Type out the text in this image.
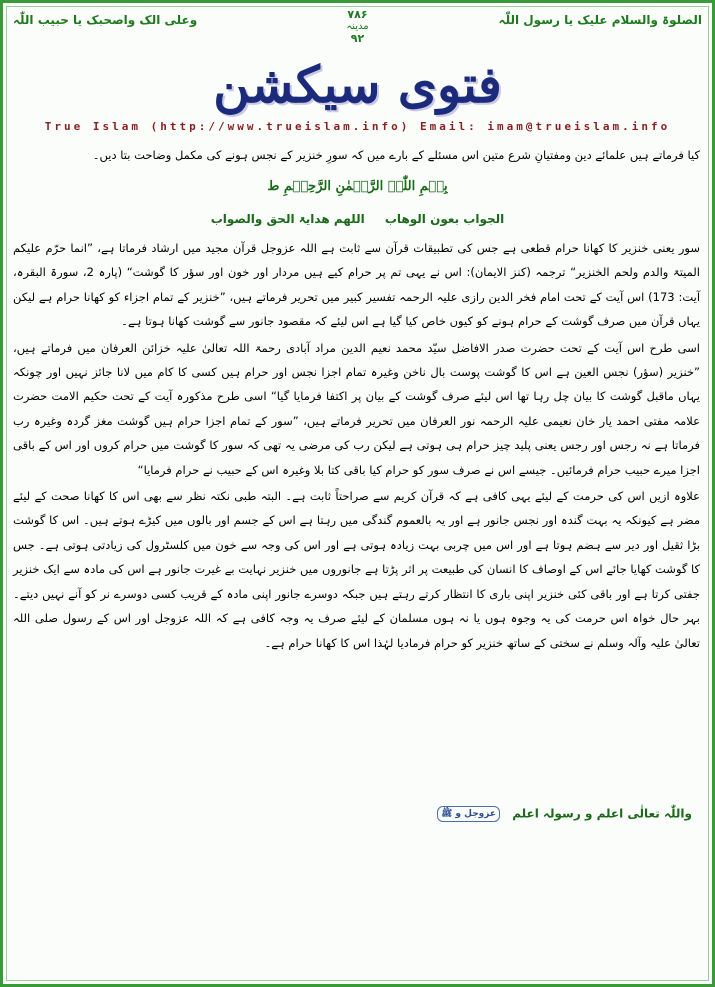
الصلوۃ والسلام علیک یا رسول اللّٰہ
۷۸۶
مدینہ
۹۲
وعلی الک واصحبک یا حبیب اللّٰہ
فتوی سیکشن
True Islam (http://www.trueislam.info) Email: imam@trueislam.info
کیا فرماتے ہیں علمائے دین ومفتیانِ شرع متین اس مسئلے کے بارے میں کہ سورِ خنزیر کے نجس ہونے کی مکمل وضاحت بتا دیں۔
بِسۡمِ اللّٰہِ الرَّحۡمٰنِ الرَّحِیۡمِ ط
الجواب بعون الوھاب اللھم ھدایۃ الحق والصواب

سور یعنی خنزیر کا کھانا حرام قطعی ہے جس کی تطبیقات قرآن سے ثابت ہے اللہ عزوجل قرآن مجید میں ارشاد فرماتا ہے، ”انما حرّم علیکم المیتۃ والدم ولحم الخنزیر“ ترجمہ (کنز الایمان): اس نے یہی تم پر حرام کیے ہیں مردار اور خون اور سؤر کا گوشت“ (پارہ 2، سورۃ البقرہ، آیت: 173) اس آیت کے تحت امام فخر الدین رازی علیہ الرحمہ تفسیر کبیر میں تحریر فرماتے ہیں، ”خنزیر کے تمام اجزاء کو کھانا حرام ہے لیکن یہاں قرآن میں صرف گوشت کے حرام ہونے کو کیوں خاص کیا گیا ہے اس لیئے کہ مقصود جانور سے گوشت کھانا ہوتا ہے۔

اسی طرح اس آیت کے تحت حضرت صدر الافاضل سیّد محمد نعیم الدین مراد آبادی رحمۃ اللہ تعالیٰ علیہ خزائن العرفان میں فرماتے ہیں، ”خنزیر (سؤر) نجس العین ہے اس کا گوشت پوست بال ناخن وغیرہ تمام اجزا نجس اور حرام ہیں کسی کا کام میں لانا جائز نہیں اور چونکہ یہاں ماقبل گوشت کا بیان چل رہا تھا اس لیئے صرف گوشت کے بیان پر اکتفا فرمایا گیا“ اسی طرح مذکورہ آیت کے تحت حکیم الامت حضرت علامہ مفتی احمد یار خان نعیمی علیہ الرحمہ نور العرفان میں تحریر فرماتے ہیں، ”سور کے تمام اجزا حرام ہیں گوشت مغز گردہ وغیرہ رب فرماتا ہے نہ رجس اور رجس یعنی پلید چیز حرام ہی ہوتی ہے لیکن رب کی مرضی یہ تھی کہ سور کا گوشت میں حرام کروں اور اس کے باقی اجزا میرے حبیب حرام فرمائیں۔ جیسے اس نے صرف سور کو حرام کیا باقی کتا بلا وغیرہ اس کے حبیب نے حرام فرمایا“

علاوہ ازیں اس کی حرمت کے لیئے یہی کافی ہے کہ قرآن کریم سے صراحتاً ثابت ہے۔ البتہ طبی نکتہ نظر سے بھی اس کا کھانا صحت کے لیئے مضر ہے کیونکہ یہ بہت گندہ اور نجس جانور ہے اور یہ بالعموم گندگی میں رہتا ہے اس کے جسم اور بالوں میں کیڑے ہوتے ہیں۔ اس کا گوشت بڑا ثقیل اور دیر سے ہضم ہوتا ہے اور اس میں چربی بہت زیادہ ہوتی ہے اور اس کی وجہ سے خون میں کلسٹرول کی زیادتی ہوتی ہے۔ جس کا گوشت کھایا جائے اس کے اوصاف کا انسان کی طبیعت پر اثر پڑتا ہے جانوروں میں خنزیر نہایت بے غیرت جانور ہے اس کی مادہ سے ایک خنزیر جفتی کرتا ہے اور باقی کئی خنزیر اپنی باری کا انتظار کرتے رہتے ہیں جبکہ دوسرے جانور اپنی مادہ کے قریب کسی دوسرے نر کو آنے نہیں دیتے۔ بہر حال خواہ اس حرمت کی یہ وجوہ ہوں یا نہ ہوں مسلمان کے لیئے صرف یہ وجہ کافی ہے کہ اللہ عزوجل اور اس کے رسول صلی اللہ تعالیٰ علیہ وآلہ وسلم نے سختی کے ساتھ خنزیر کو حرام فرمادیا لہٰذا اس کا کھانا حرام ہے۔

واللّٰہ تعالٰی اعلم و رسولہ اعلم عزوجل و ﷺ
